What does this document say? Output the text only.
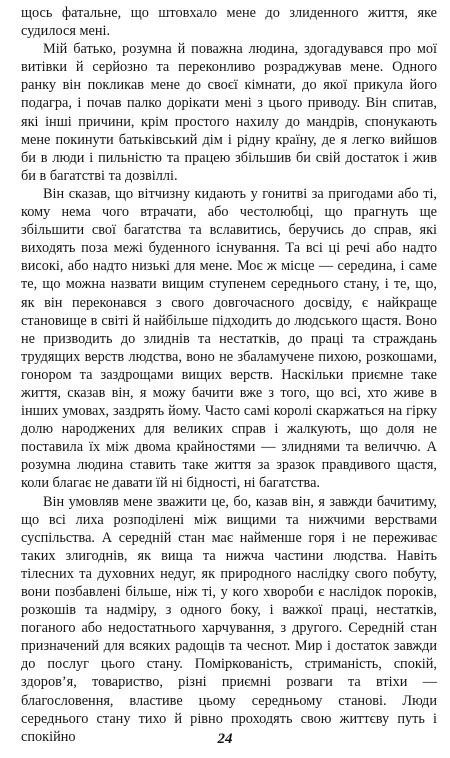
щось фатальне, що штовхало мене до злиденного життя, яке судилося мені.

Мій батько, розумна й поважна людина, здогадувався про мої витівки й серйозно та переконливо розраджував мене. Одного ранку він покликав мене до своєї кімнати, до якої прикула його подагра, і почав палко дорікати мені з цього приводу. Він спитав, які інші причини, крім простого нахилу до мандрів, спонукають мене покинути батьківський дім і рідну країну, де я легко вийшов би в люди і пильністю та працею збільшив би свій достаток і жив би в багатстві та дозвіллі.

Він сказав, що вітчизну кидають у гонитві за пригодами або ті, кому нема чого втрачати, або честолюбці, що прагнуть ще збільшити свої багатства та вславитись, беручись до справ, які виходять поза межі буденного існування. Та всі ці речі або надто високі, або надто низькі для мене. Моє ж місце — середина, і саме те, що можна назвати вищим ступенем середнього стану, і те, що, як він переконався з свого довгочасного досвіду, є найкраще становище в світі й найбільше підходить до людського щастя. Воно не призводить до злиднів та нестатків, до праці та страждань трудящих верств людства, воно не збаламучене пихою, розкошами, гонором та заздрощами вищих верств. Наскільки приємне таке життя, сказав він, я можу бачити вже з того, що всі, хто живе в інших умовах, заздрять йому. Часто самі королі скаржаться на гірку долю народжених для великих справ і жалкують, що доля не поставила їх між двома крайностями — злиднями та величчю. А розумна людина ставить таке життя за зразок правдивого щастя, коли благає не давати їй ні бідності, ні багатства.

Він умовляв мене зважити це, бо, казав він, я завжди бачитиму, що всі лиха розподілені між вищими та нижчими верствами суспільства. А середній стан має найменше горя і не переживає таких злигоднів, як вища та нижча частини людства. Навіть тілесних та духовних недуг, як природного наслідку свого побуту, вони позбавлені більше, ніж ті, у кого хвороби є наслідок пороків, розкошів та надміру, з одного боку, і важкої праці, нестатків, поганого або недостатнього харчування, з другого. Середній стан призначений для всяких радощів та чеснот. Мир і достаток завжди до послуг цього стану. Поміркованість, стриманість, спокій, здоров’я, товариство, різні приємні розваги та втіхи — благословення, властиве цьому середньому станові. Люди середнього стану тихо й рівно проходять свою життєву путь і спокійно	24
